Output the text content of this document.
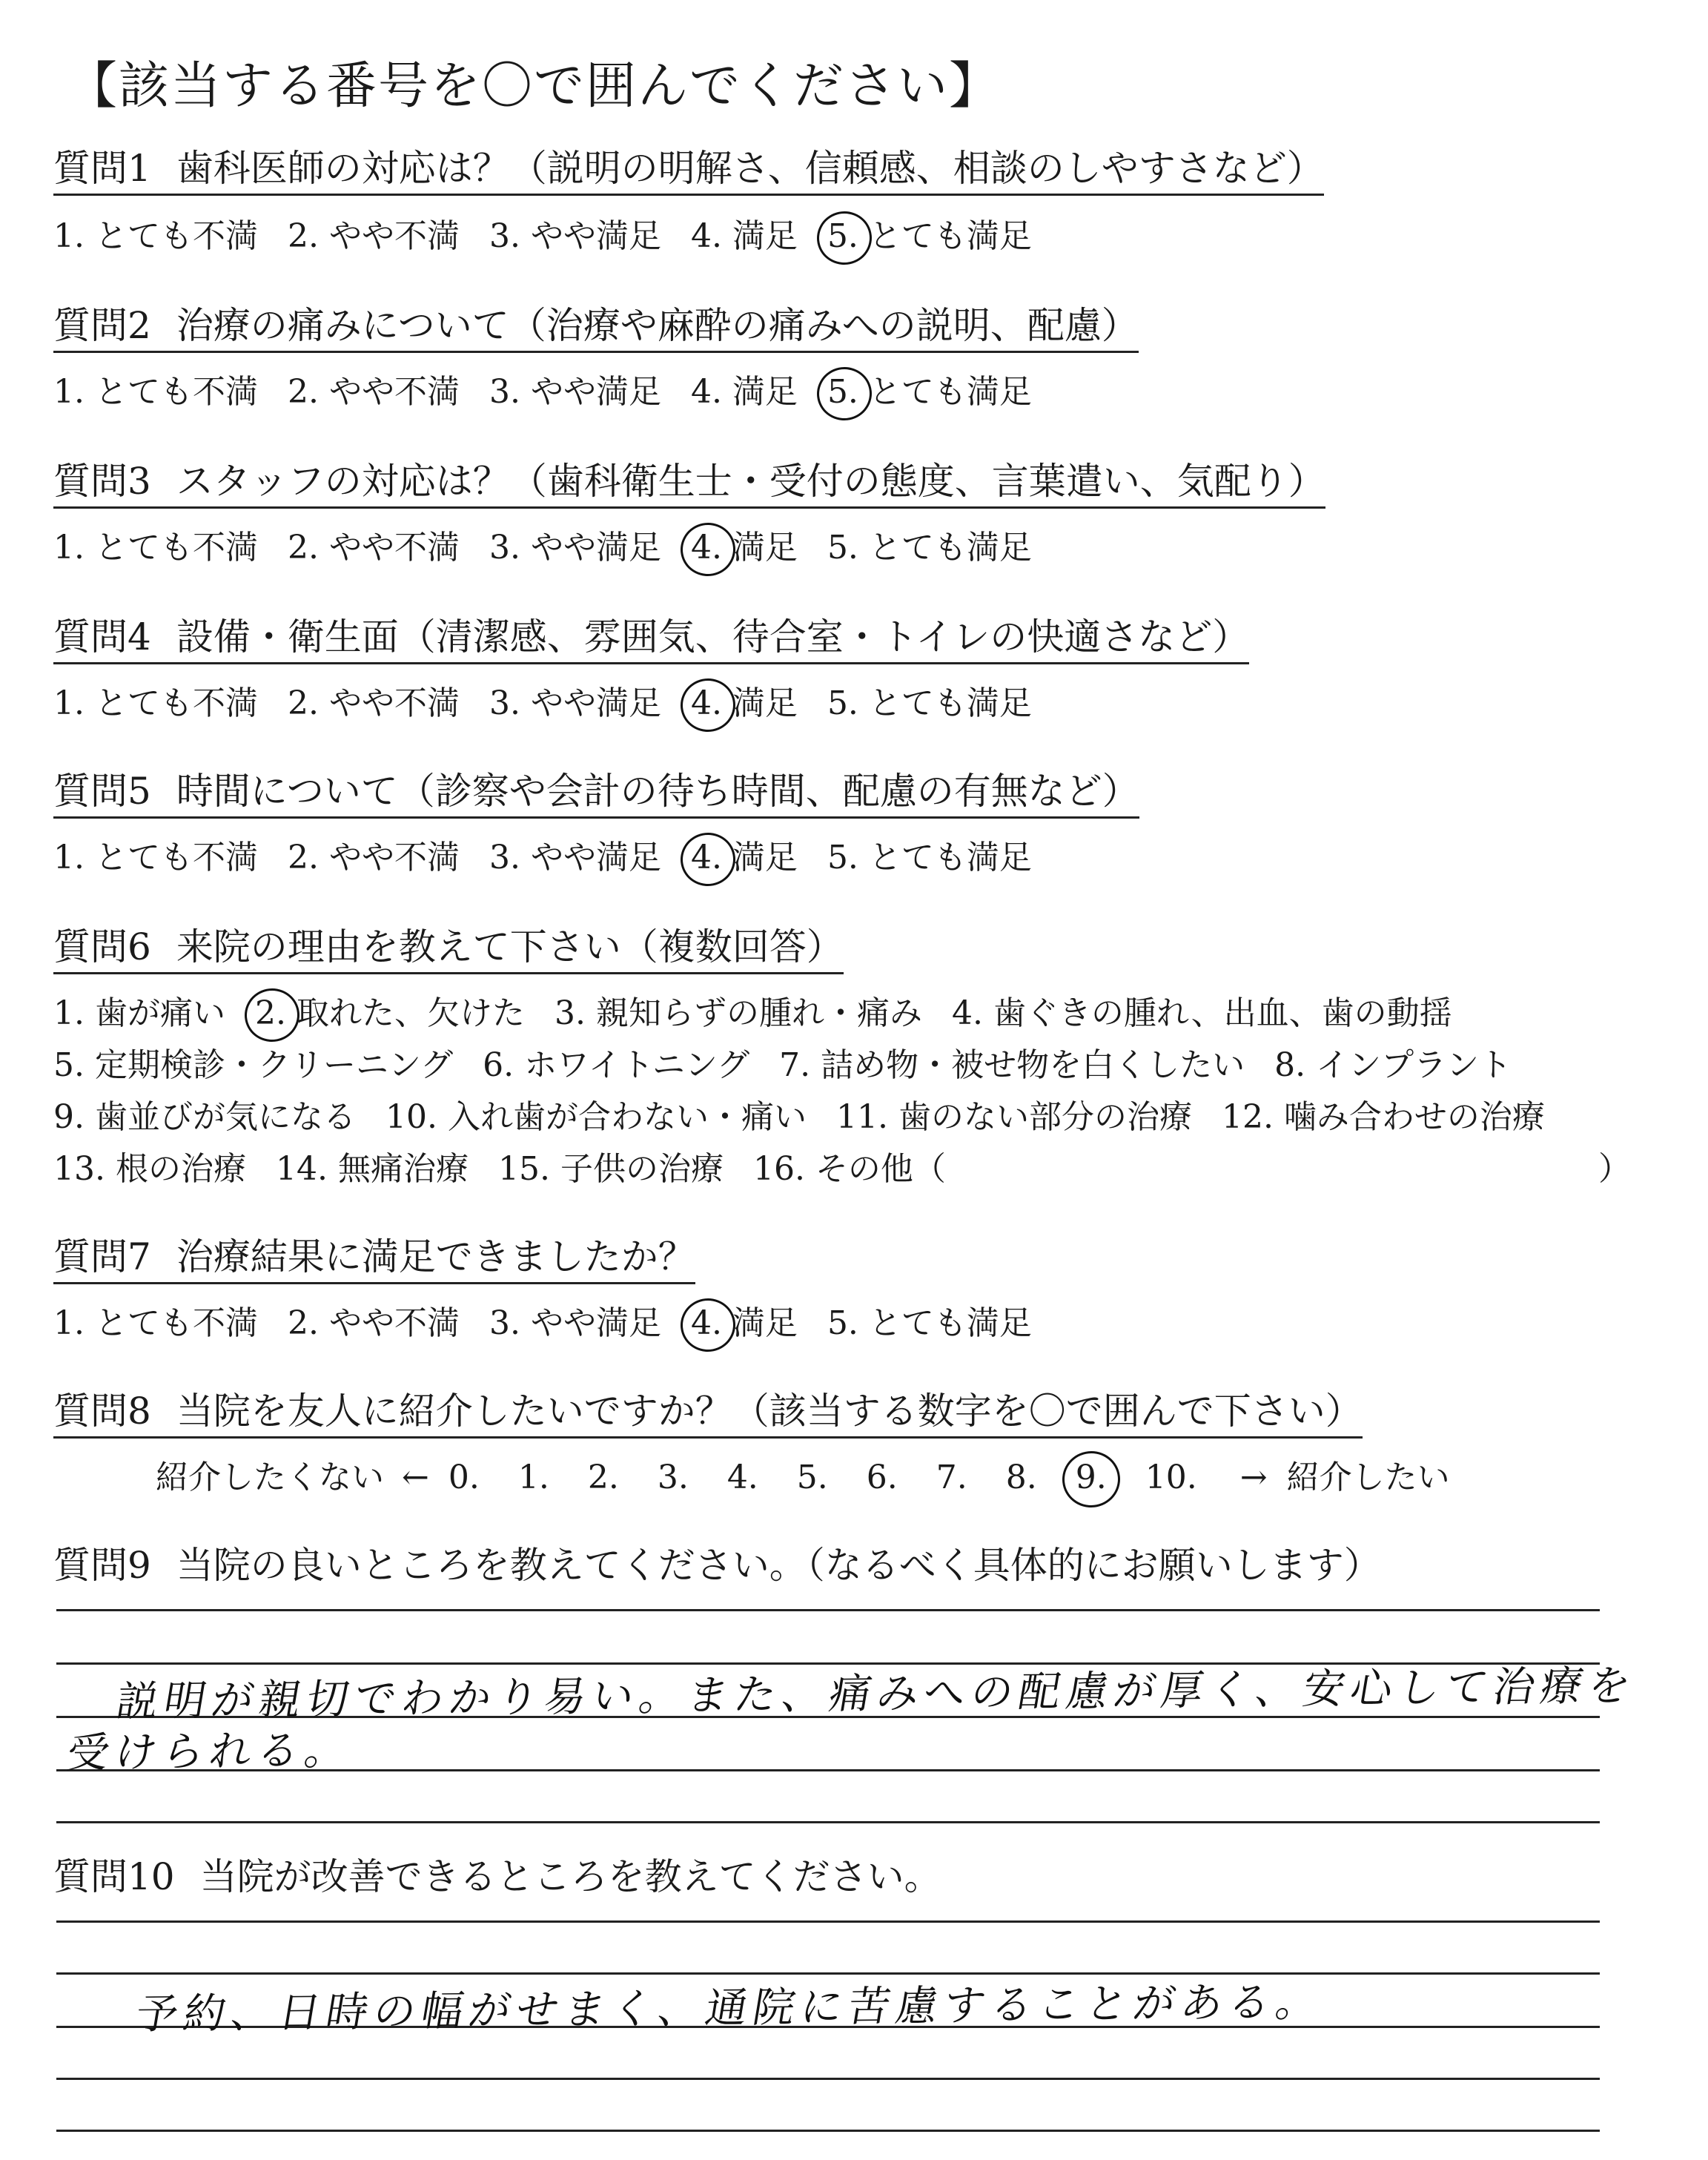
【該当する番号を〇で囲んでください】
質問1 歯科医師の対応は？（説明の明解さ、信頼感、相談のしやすさなど）
1. とても不満 2. やや不満 3. やや満足 4. 満足 5. とても満足
質問2 治療の痛みについて（治療や麻酔の痛みへの説明、配慮）
1. とても不満 2. やや不満 3. やや満足 4. 満足 5. とても満足
質問3 スタッフの対応は？（歯科衛生士・受付の態度、言葉遣い、気配り）
1. とても不満 2. やや不満 3. やや満足 4. 満足 5. とても満足
質問4 設備・衛生面（清潔感、雰囲気、待合室・トイレの快適さなど）
1. とても不満 2. やや不満 3. やや満足 4. 満足 5. とても満足
質問5 時間について（診察や会計の待ち時間、配慮の有無など）
1. とても不満 2. やや不満 3. やや満足 4. 満足 5. とても満足
質問6 来院の理由を教えて下さい（複数回答）
1. 歯が痛い 2. 取れた、欠けた 3. 親知らずの腫れ・痛み 4. 歯ぐきの腫れ、出血、歯の動揺
5. 定期検診・クリーニング 6. ホワイトニング 7. 詰め物・被せ物を白くしたい 8. インプラント
9. 歯並びが気になる 10. 入れ歯が合わない・痛い 11. 歯のない部分の治療 12. 噛み合わせの治療
13. 根の治療 14. 無痛治療 15. 子供の治療 16. その他（	）
質問7 治療結果に満足できましたか？
1. とても不満 2. やや不満 3. やや満足 4. 満足 5. とても満足
質問8 当院を友人に紹介したいですか？（該当する数字を〇で囲んで下さい）
紹介したくない ← 0. 1. 2. 3. 4. 5. 6. 7. 8. 9. 10. → 紹介したい
質問9 当院の良いところを教えてください。（なるべく具体的にお願いします）
説明が親切でわかり易い。また、痛みへの配慮が厚く、安心して治療を
受けられる。
質問10 当院が改善できるところを教えてください。
予約、日時の幅がせまく、通院に苦慮することがある。
